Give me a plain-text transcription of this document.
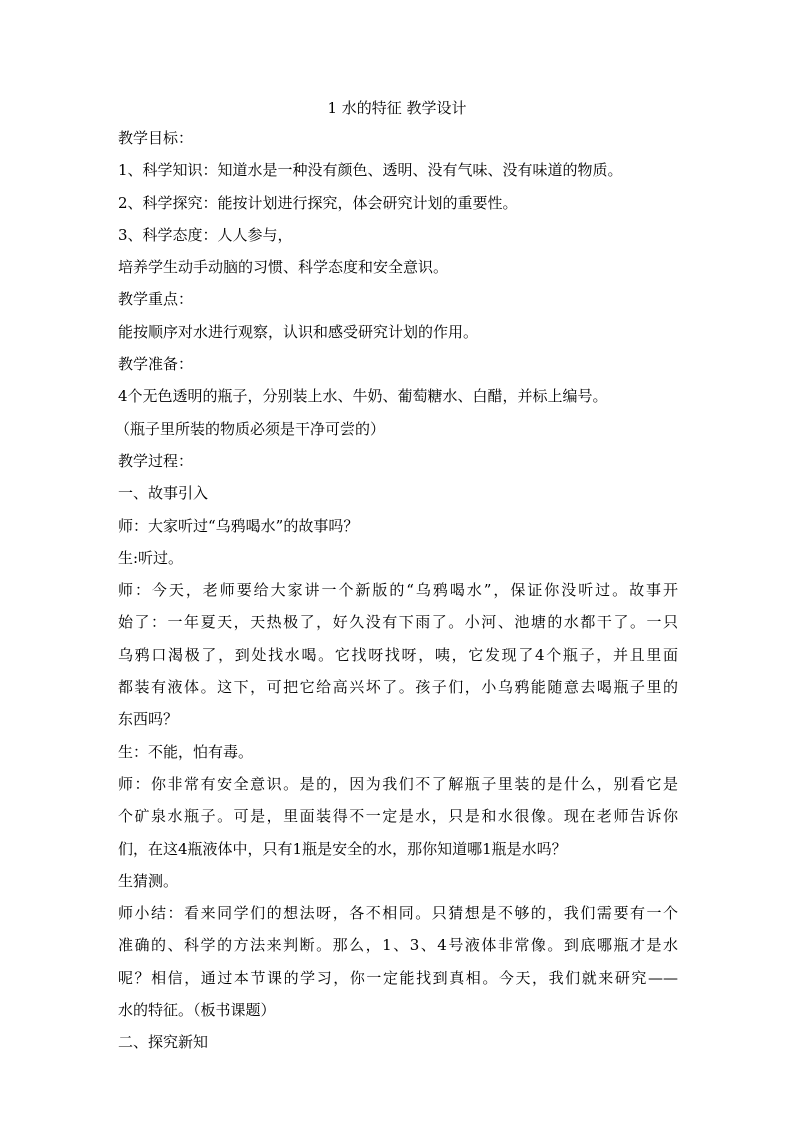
1 水的特征 教学设计
教学目标：
1、科学知识：知道水是一种没有颜色、透明、没有气味、没有味道的物质。
2、科学探究：能按计划进行探究，体会研究计划的重要性。
3、科学态度：人人参与，
培养学生动手动脑的习惯、科学态度和安全意识。
教学重点：
能按顺序对水进行观察，认识和感受研究计划的作用。
教学准备：
4个无色透明的瓶子，分别装上水、牛奶、葡萄糖水、白醋，并标上编号。
（瓶子里所装的物质必须是干净可尝的）
教学过程：
一、故事引入
师：大家听过“乌鸦喝水”的故事吗？
生:听过。
师：今天，老师要给大家讲一个新版的“乌鸦喝水”，保证你没听过。故事开
始了：一年夏天，天热极了，好久没有下雨了。小河、池塘的水都干了。一只
乌鸦口渴极了，到处找水喝。它找呀找呀，咦，它发现了4个瓶子，并且里面
都装有液体。这下，可把它给高兴坏了。孩子们，小乌鸦能随意去喝瓶子里的
东西吗？
生：不能，怕有毒。
师：你非常有安全意识。是的，因为我们不了解瓶子里装的是什么，别看它是
个矿泉水瓶子。可是，里面装得不一定是水，只是和水很像。现在老师告诉你
们，在这4瓶液体中，只有1瓶是安全的水，那你知道哪1瓶是水吗？
生猜测。
师小结：看来同学们的想法呀，各不相同。只猜想是不够的，我们需要有一个
准确的、科学的方法来判断。那么，1、3、4号液体非常像。到底哪瓶才是水
呢？相信，通过本节课的学习，你一定能找到真相。今天，我们就来研究——
水的特征。（板书课题）
二、探究新知
